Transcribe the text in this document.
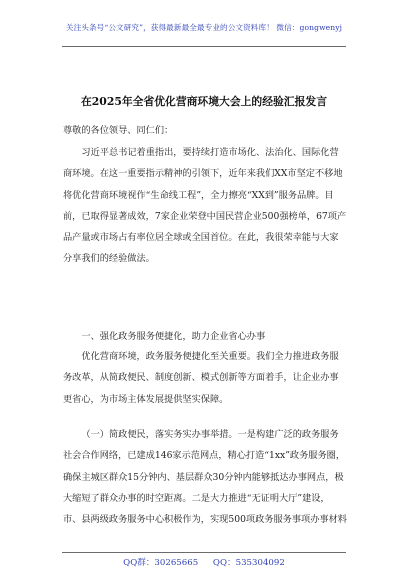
关注头条号“公文研究”，获得最新最全最专业的公文资料库！ 微信：gongwenyj
在2025年全省优化营商环境大会上的经验汇报发言
尊敬的各位领导、同仁们：

习近平总书记着重指出，要持续打造市场化、法治化、国际化营商环境。在这一重要指示精神的引领下，近年来我们XX市坚定不移地将优化营商环境视作“生命线工程”，全力擦亮“XX到”服务品牌。目前，已取得显著成效，7家企业荣登中国民营企业500强榜单，67项产品产量或市场占有率位居全球或全国首位。在此，我很荣幸能与大家分享我们的经验做法。

一、强化政务服务便捷化，助力企业省心办事

优化营商环境，政务服务便捷化至关重要。我们全力推进政务服务改革，从简政便民、制度创新、模式创新等方面着手，让企业办事更省心，为市场主体发展提供坚实保障。

（一）简政便民，落实务实办事举措。一是构建广泛的政务服务社会合作网络，已建成146家示范网点，精心打造“1xx”政务服务圈，确保主城区群众15分钟内、基层群众30分钟内能够抵达办事网点，极大缩短了群众办事的时空距离。二是大力推进“无证明大厅”建设，市、县两级政务服务中心积极作为，实现500项政务服务事项办事材料

QQ群：30265665 QQ：535304092
